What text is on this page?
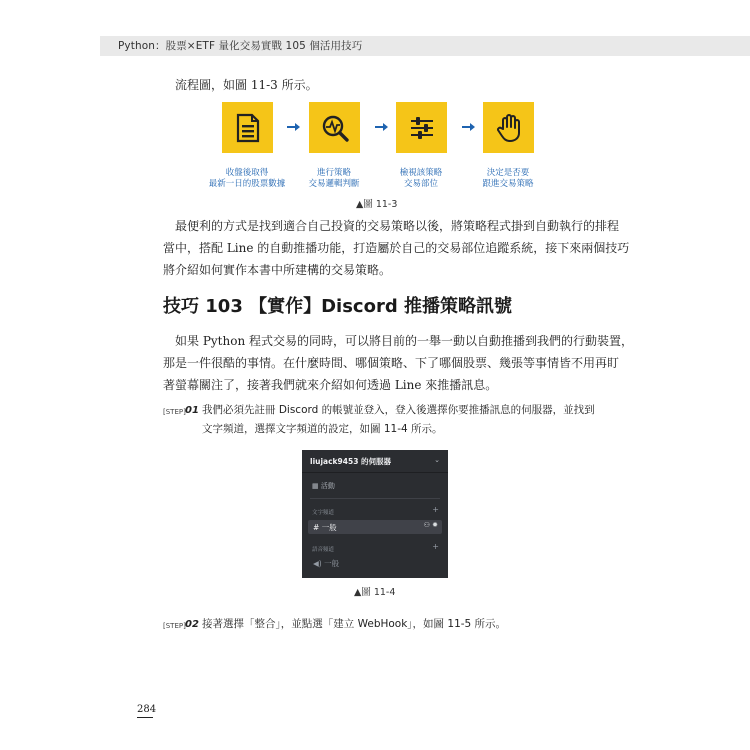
Python：股票×ETF 量化交易實戰 105 個活用技巧
流程圖，如圖 11-3 所示。
收盤後取得
最新一日的股票數據
進行策略
交易邏輯判斷
檢視該策略
交易部位
決定是否要
跟進交易策略
▲圖 11-3
最便利的方式是找到適合自己投資的交易策略以後，將策略程式掛到自動執行的排程
當中，搭配 Line 的自動推播功能，打造屬於自己的交易部位追蹤系統，接下來兩個技巧
將介紹如何實作本書中所建構的交易策略。
技巧 103 【實作】Discord 推播策略訊號
如果 Python 程式交易的同時，可以將目前的一舉一動以自動推播到我們的行動裝置，
那是一件很酷的事情。在什麼時間、哪個策略、下了哪個股票、幾張等事情皆不用再盯
著螢幕關注了，接著我們就來介紹如何透過 Line 來推播訊息。
[STEP] 01 我們必須先註冊 Discord 的帳號並登入，登入後選擇你要推播訊息的伺服器，並找到
文字頻道，選擇文字頻道的設定，如圖 11-4 所示。
liujack9453 的伺服器	⌄
▦ 活動
文字頻道	+
# 一般	⚇ ✹
語音頻道	+
◀) 一般
▲圖 11-4
[STEP] 02 接著選擇「整合」，並點選「建立 WebHook」，如圖 11-5 所示。
284
